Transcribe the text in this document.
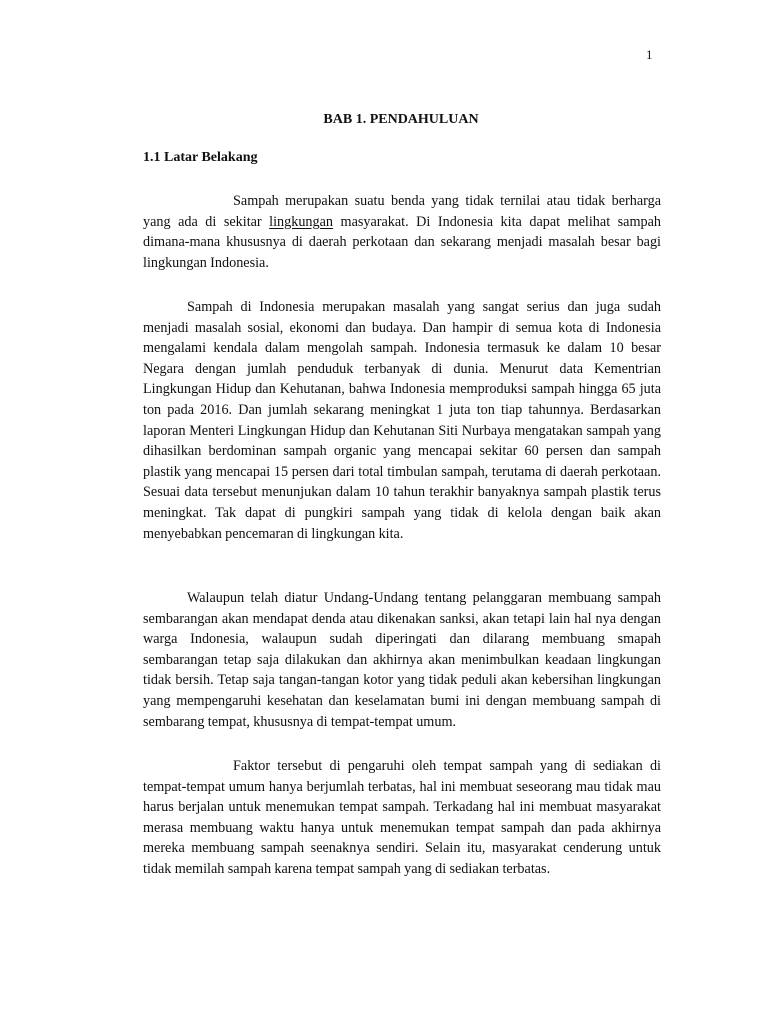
1
BAB 1. PENDAHULUAN
1.1 Latar Belakang

Sampah merupakan suatu benda yang tidak ternilai atau tidak berharga yang ada di sekitar lingkungan masyarakat. Di Indonesia kita dapat melihat sampah dimana-mana khususnya di daerah perkotaan dan sekarang menjadi masalah besar bagi lingkungan Indonesia.

Sampah di Indonesia merupakan masalah yang sangat serius dan juga sudah menjadi masalah sosial, ekonomi dan budaya. Dan hampir di semua kota di Indonesia mengalami kendala dalam mengolah sampah. Indonesia termasuk ke dalam 10 besar Negara dengan jumlah penduduk terbanyak di dunia. Menurut data Kementrian Lingkungan Hidup dan Kehutanan, bahwa Indonesia memproduksi sampah hingga 65 juta ton pada 2016. Dan jumlah sekarang meningkat 1 juta ton tiap tahunnya. Berdasarkan laporan Menteri Lingkungan Hidup dan Kehutanan Siti Nurbaya mengatakan sampah yang dihasilkan berdominan sampah organic yang mencapai sekitar 60 persen dan sampah plastik yang mencapai 15 persen dari total timbulan sampah, terutama di daerah perkotaan. Sesuai data tersebut menunjukan dalam 10 tahun terakhir banyaknya sampah plastik terus meningkat. Tak dapat di pungkiri sampah yang tidak di kelola dengan baik akan menyebabkan pencemaran di lingkungan kita.

Walaupun telah diatur Undang-Undang tentang pelanggaran membuang sampah sembarangan akan mendapat denda atau dikenakan sanksi, akan tetapi lain hal nya dengan warga Indonesia, walaupun sudah diperingati dan dilarang membuang smapah sembarangan tetap saja dilakukan dan akhirnya akan menimbulkan keadaan lingkungan tidak bersih. Tetap saja tangan-tangan kotor yang tidak peduli akan kebersihan lingkungan yang mempengaruhi kesehatan dan keselamatan bumi ini dengan membuang sampah di sembarang tempat, khususnya di tempat-tempat umum.

Faktor tersebut di pengaruhi oleh tempat sampah yang di sediakan di tempat-tempat umum hanya berjumlah terbatas, hal ini membuat seseorang mau tidak mau harus berjalan untuk menemukan tempat sampah. Terkadang hal ini membuat masyarakat merasa membuang waktu hanya untuk menemukan tempat sampah dan pada akhirnya mereka membuang sampah seenaknya sendiri. Selain itu, masyarakat cenderung untuk tidak memilah sampah karena tempat sampah yang di sediakan terbatas.
